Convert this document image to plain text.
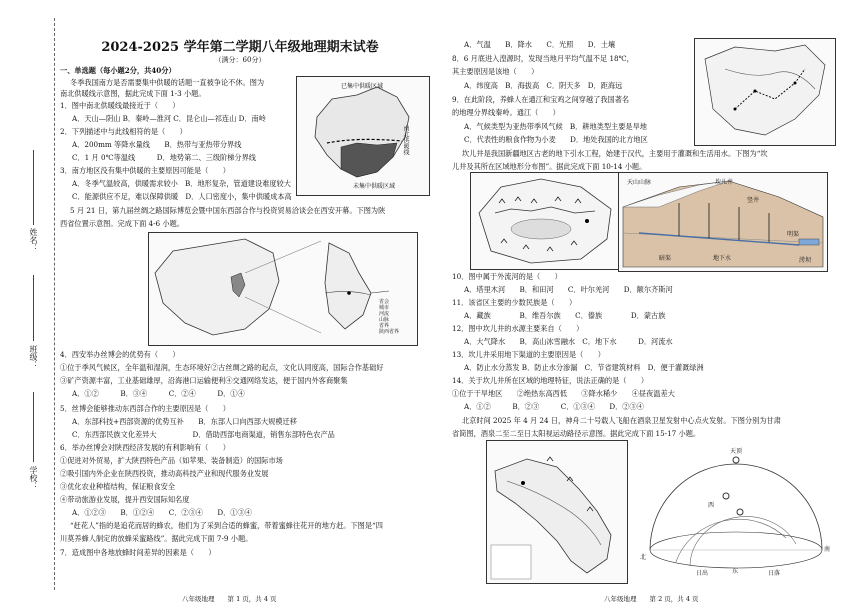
姓名：
班级：
学校：
2024-2025 学年第二学期八年级地理期末试卷
（满分：60分）
一、单选题（每小题2分，共40分）
冬季我国南方是否需要集中供暖的话题一直被争论不休。图为
南北供暖线示意图，据此完成下面 1-3 小题。
1．图中南北供暖线最接近于（　　）
A．天山—阴山 B．秦岭—淮河 C．昆仑山—祁连山 D．南岭
2．下列描述中与此线相符的是（　　）
A．200mm 等降水量线　　B．热带与亚热带分界线
C．1 月 0℃等温线　　　D．地势第二、三级阶梯分界线
3．南方地区没有集中供暖的主要原因可能是（　　）
A．冬季气温较高，供暖需求较小　B．地形复杂，管道建设难度较大
C．能源供应不足，难以保障供暖　D．人口密度小，集中供暖成本高
5 月 21 日，第九届丝绸之路国际博览会暨中国东西部合作与投资贸易洽谈会在西安开幕。下图为陕
西省位置示意图。完成下面 4-6 小题。
4．西安举办丝博会的优势有（　　）
①位于季风气候区，全年温和湿润，生态环境好②古丝绸之路的起点，文化认同度高，国际合作基础好
③矿产资源丰富，工业基础雄厚，沿海港口运输便利④交通网络发达，便于国内外客商聚集
A．①②　　　B．③④　　　C．②④　　　D．①④
5．丝博会能够推动东西部合作的主要原因是（　　）
A．东部科技+西部资源的优势互补　　B．东部人口向西部大规模迁移
C．东西部民族文化差异大　　　　　D．借助西部电商渠道，销售东部特色农产品
6．举办丝博会对陕西经济发展的有利影响有（　　）
①促进对外贸易，扩大陕西特色产品（如苹果、装备制造）的国际市场
②吸引国内外企业在陕西投资，推动高科技产业和现代服务业发展
③优化农业种植结构，保证粮食安全
④带动旅游业发展，提升西安国际知名度
A．①②③　　B．①②④　　C．②③④　　D．①③④
“赶花人”指的是追花而居的蜂农，他们为了采到合适的蜂蜜，带着蜜蜂往花开的地方赶。下图是“四
川莫养蜂人制定的放蜂采蜜路线”。据此完成下面 7-9 小题。
7．造成图中各地放蜂时间差异的因素是（　　）
已集中供暖区域
南北供暖线
未集中供暖区域
省会
城市
河流
山脉
省界
陕西省界
A．气温　　B．降水　　C．光照　　D．土壤
8．6 月底进入湟源时，发现当地月平均气温不足 18℃，
其主要原因是该地（　　）
A．纬度高　B．海拔高　C．阴天多　D．距海远
9．在此阶段，养蜂人在通江和宝鸡之间穿越了我国著名
的地理分界线秦岭。通江（　　）
A．气候类型为亚热带季风气候　B．耕地类型主要是旱地
C．代表性的粮食作物为小麦　　D．地处我国的北方地区
坎儿井是我国新疆地区古老的地下引水工程，始建于汉代，主要用于灌溉和生活用水。下图为“坎
儿井及其所在区域地形分布图”。据此完成下面 10-14 小题。
10．图中属于外流河的是（　　）
A．塔里木河　　B．和田河　　C．叶尔羌河　　D．额尔齐斯河
11．该省区主要的少数民族是（　　）
A．藏族　　　　B．维吾尔族　　C．傣族　　　　D．蒙古族
12．图中坎儿井的水源主要来自（　　）
A．大气降水　　B．高山冰雪融水　C．地下水　　　D．河流水
13．坎儿井采用地下渠道的主要原因是（　　）
A．防止水分蒸发 B．防止水分渗漏　C．节省建筑材料　D．便于灌溉绿洲
14．关于坎儿井所在区域的地理特征，说法正确的是（　　）
①位于干旱地区　　②绝热东高西低　　③降水稀少　　④昼夜温差大
A．①②　　　B．②③　　　C．①③④　　D．②③④
北京时间 2025 年 4 月 24 日，神舟二十号载人飞船在酒泉卫星发射中心点火发射。下图分别为甘肃
省简图，酒泉二至二至日太阳视运动路径示意图。据此完成下面 15-17 小题。
天山山脉	坎儿井
暗渠
竖井
明渠
涝坝
地下水
天顶
北
南
东
西
日出	日落
八年级地理　　第 1 页，共 4 页	八年级地理　　第 2 页，共 4 页
